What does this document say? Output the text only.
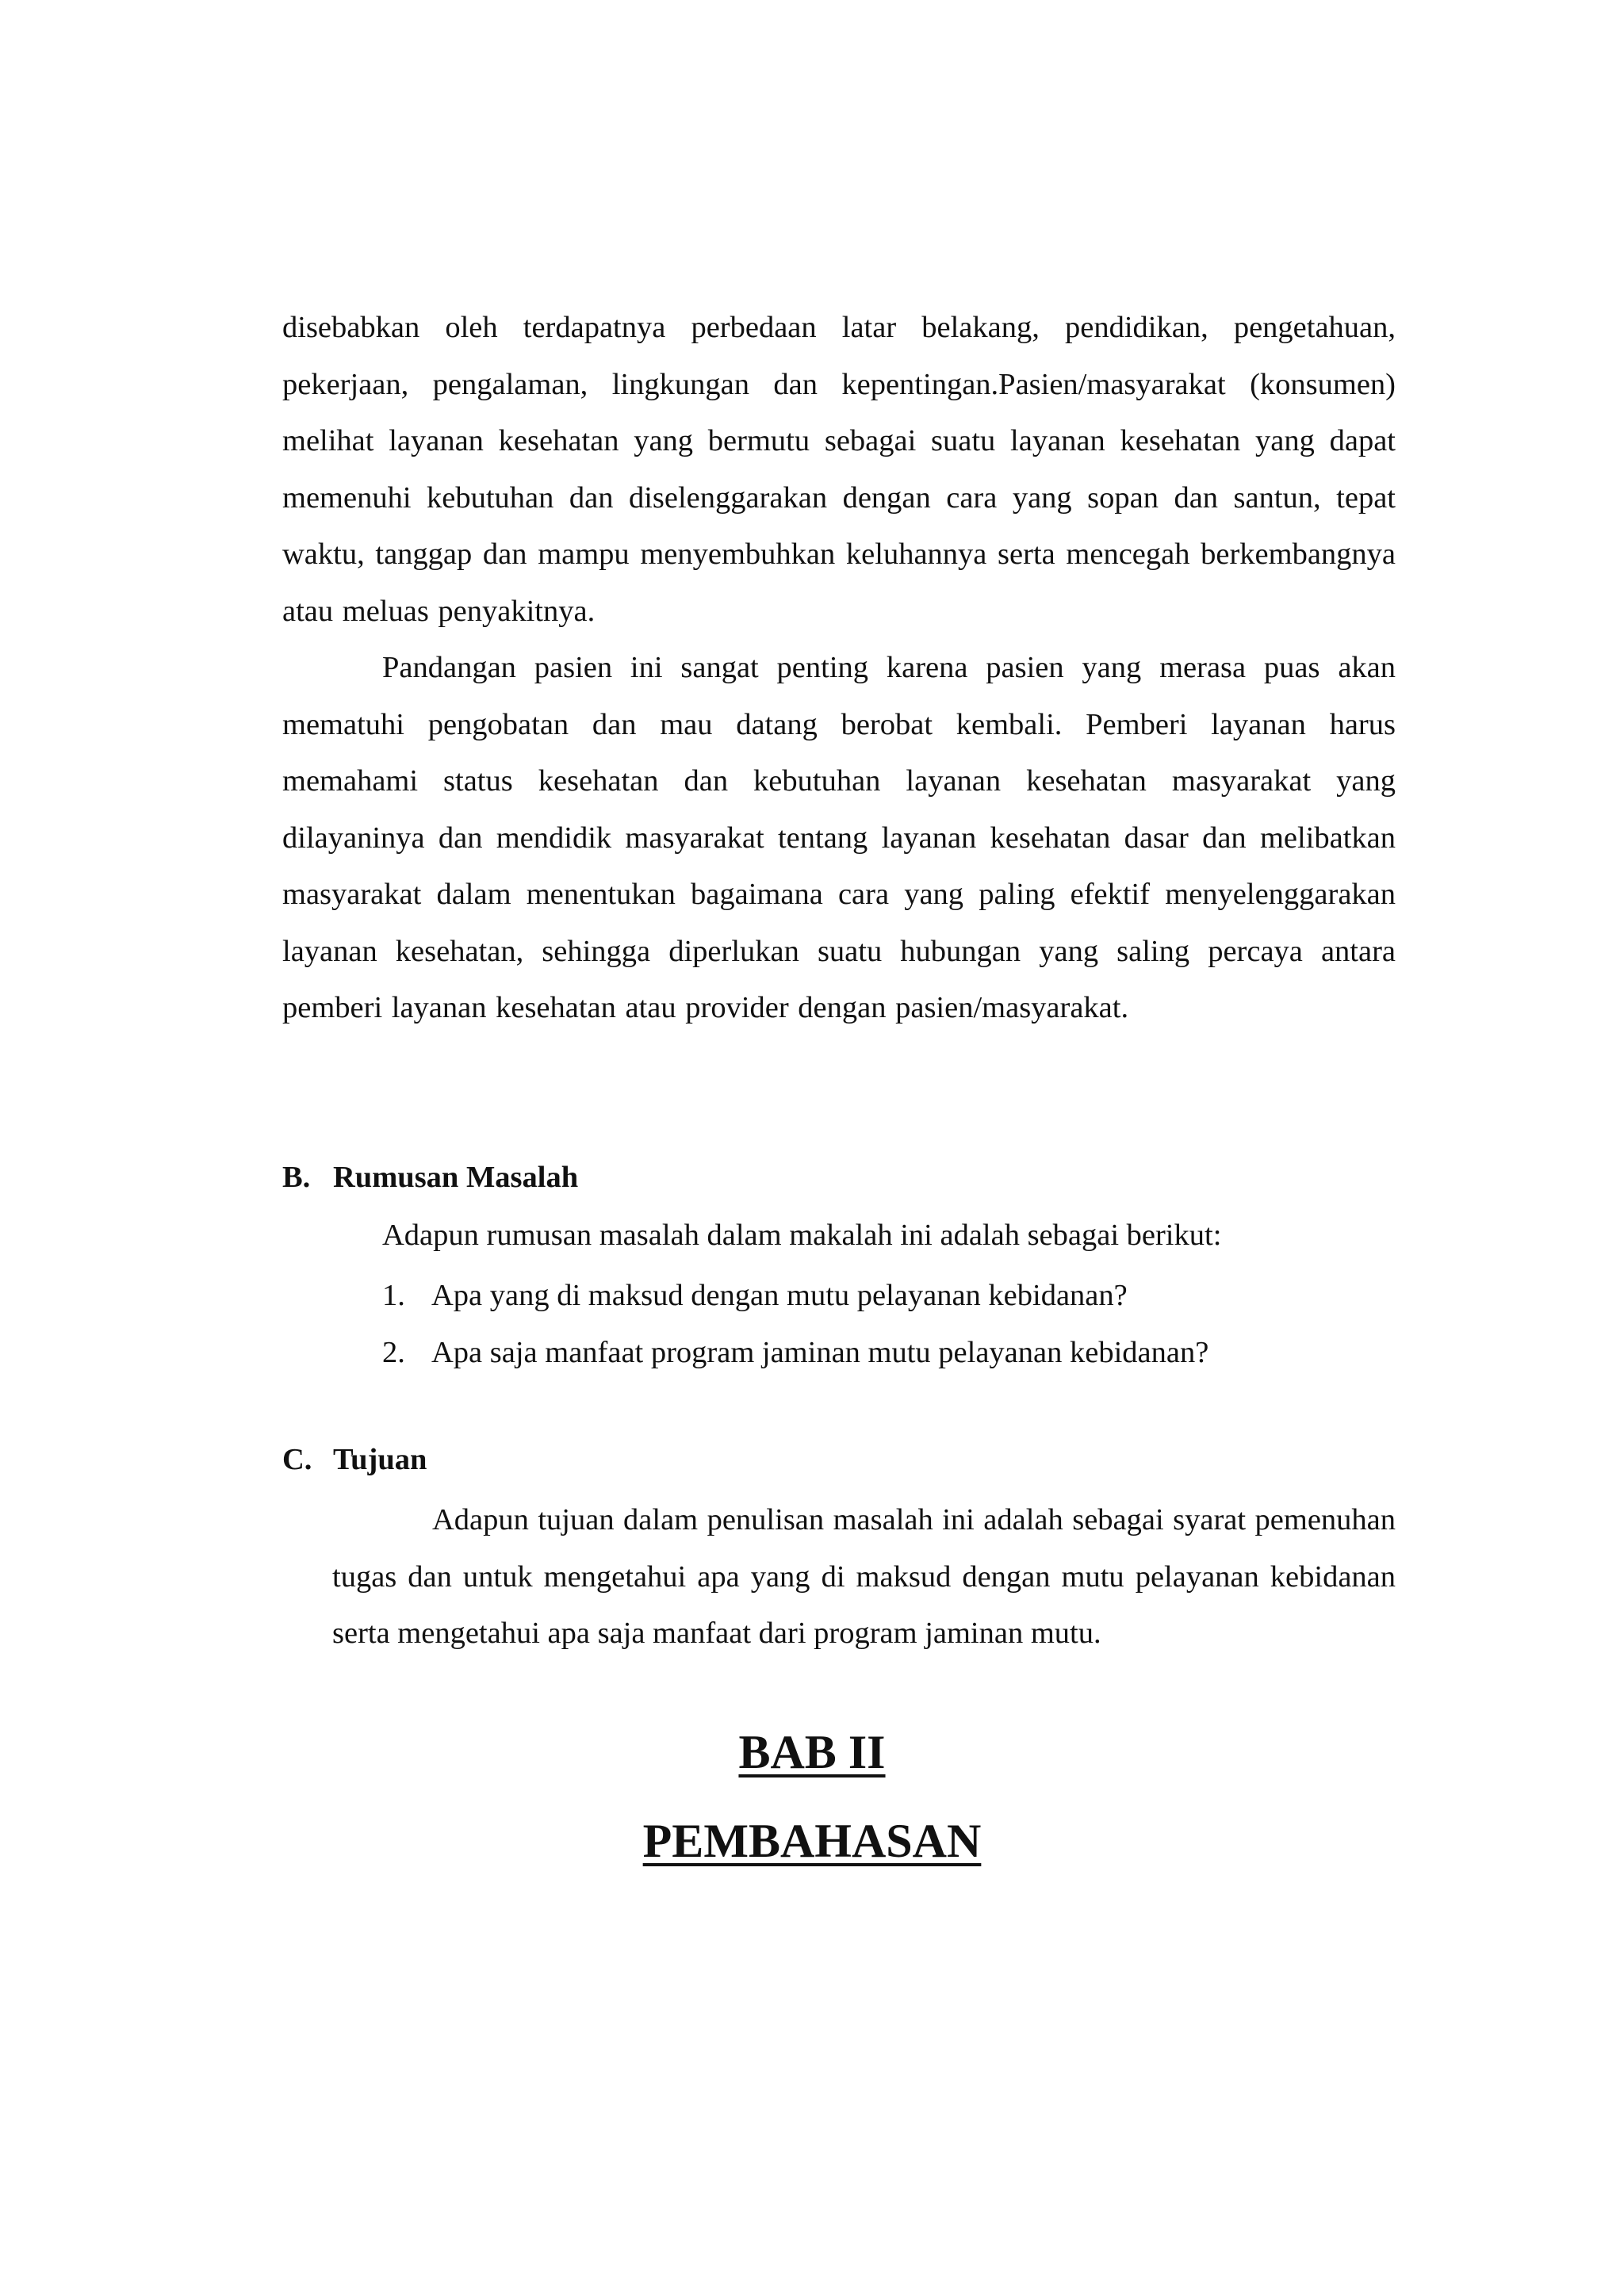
disebabkan oleh terdapatnya perbedaan latar belakang, pendidikan, pengetahuan, pekerjaan, pengalaman, lingkungan dan kepentingan.Pasien/masyarakat (konsumen) melihat layanan kesehatan yang bermutu sebagai suatu layanan kesehatan yang dapat memenuhi kebutuhan dan diselenggarakan dengan cara yang sopan dan santun, tepat waktu, tanggap dan mampu menyembuhkan keluhannya serta mencegah berkembangnya atau meluas penyakitnya.

Pandangan pasien ini sangat penting karena pasien yang merasa puas akan mematuhi pengobatan dan mau datang berobat kembali. Pemberi layanan harus memahami status kesehatan dan kebutuhan layanan kesehatan masyarakat yang dilayaninya dan mendidik masyarakat tentang layanan kesehatan dasar dan melibatkan masyarakat dalam menentukan bagaimana cara yang paling efektif menyelenggarakan layanan kesehatan, sehingga diperlukan suatu hubungan yang saling percaya antara pemberi layanan kesehatan atau provider dengan pasien/masyarakat.

B. Rumusan Masalah

Adapun rumusan masalah dalam makalah ini adalah sebagai berikut:

1. Apa yang di maksud dengan mutu pelayanan kebidanan?
2. Apa saja manfaat program jaminan mutu pelayanan kebidanan?
C. Tujuan

Adapun tujuan dalam penulisan masalah ini adalah sebagai syarat pemenuhan tugas dan untuk mengetahui apa yang di maksud dengan mutu pelayanan kebidanan serta mengetahui apa saja manfaat dari program jaminan mutu.

BAB II
PEMBAHASAN
